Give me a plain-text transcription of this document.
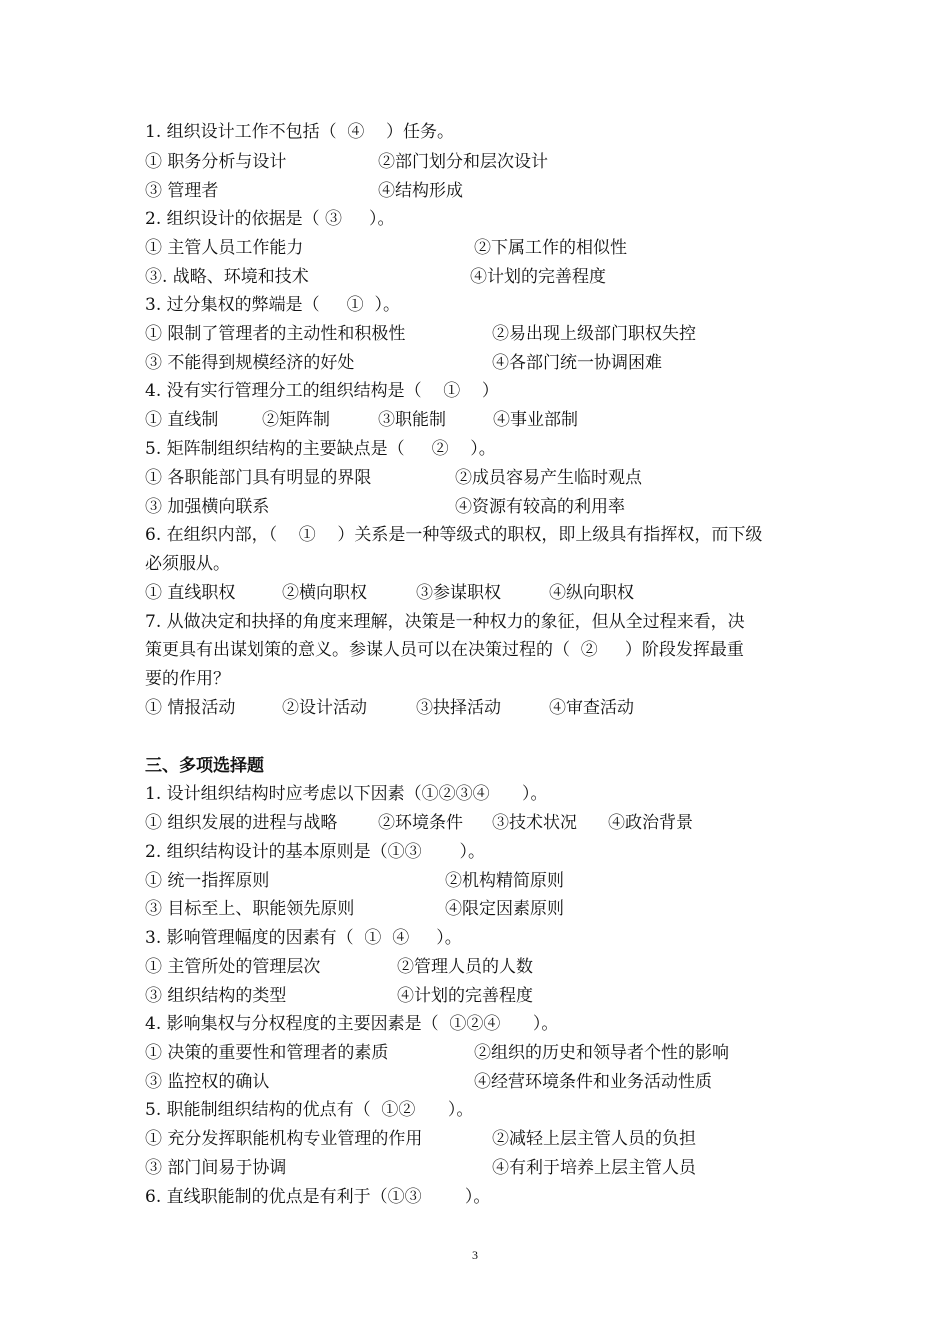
1. 组织设计工作不包括（  ④    ）任务。
① 职务分析与设计	②部门划分和层次设计
③ 管理者	④结构形成
2. 组织设计的依据是（ ③     ）。
① 主管人员工作能力	②下属工作的相似性
③. 战略、环境和技术	④计划的完善程度
3. 过分集权的弊端是（     ①  ）。
① 限制了管理者的主动性和积极性	②易出现上级部门职权失控
③ 不能得到规模经济的好处	④各部门统一协调困难
4. 没有实行管理分工的组织结构是（    ①    ）
① 直线制	②矩阵制	③职能制	④事业部制
5. 矩阵制组织结构的主要缺点是（     ②    ）。
① 各职能部门具有明显的界限	②成员容易产生临时观点
③ 加强横向联系	④资源有较高的利用率
6. 在组织内部，（    ①    ）关系是一种等级式的职权，即上级具有指挥权，而下级
必须服从。
① 直线职权	②横向职权	③参谋职权	④纵向职权
7. 从做决定和抉择的角度来理解，决策是一种权力的象征，但从全过程来看，决
策更具有出谋划策的意义。参谋人员可以在决策过程的（  ②     ）阶段发挥最重
要的作用？
① 情报活动	②设计活动	③抉择活动	④审查活动
三、多项选择题
1. 设计组织结构时应考虑以下因素（①②③④      ）。
① 组织发展的进程与战略 ②环境条件 ③技术状况 ④政治背景
2. 组织结构设计的基本原则是（①③       ）。
① 统一指挥原则	②机构精简原则
③ 目标至上、职能领先原则	④限定因素原则
3. 影响管理幅度的因素有（  ①  ④     ）。
① 主管所处的管理层次	②管理人员的人数
③ 组织结构的类型	④计划的完善程度
4. 影响集权与分权程度的主要因素是（  ①②④      ）。
① 决策的重要性和管理者的素质	②组织的历史和领导者个性的影响
③ 监控权的确认	④经营环境条件和业务活动性质
5. 职能制组织结构的优点有（  ①②      ）。
① 充分发挥职能机构专业管理的作用	②减轻上层主管人员的负担
③ 部门间易于协调	④有利于培养上层主管人员
6. 直线职能制的优点是有利于（①③        ）。
3
